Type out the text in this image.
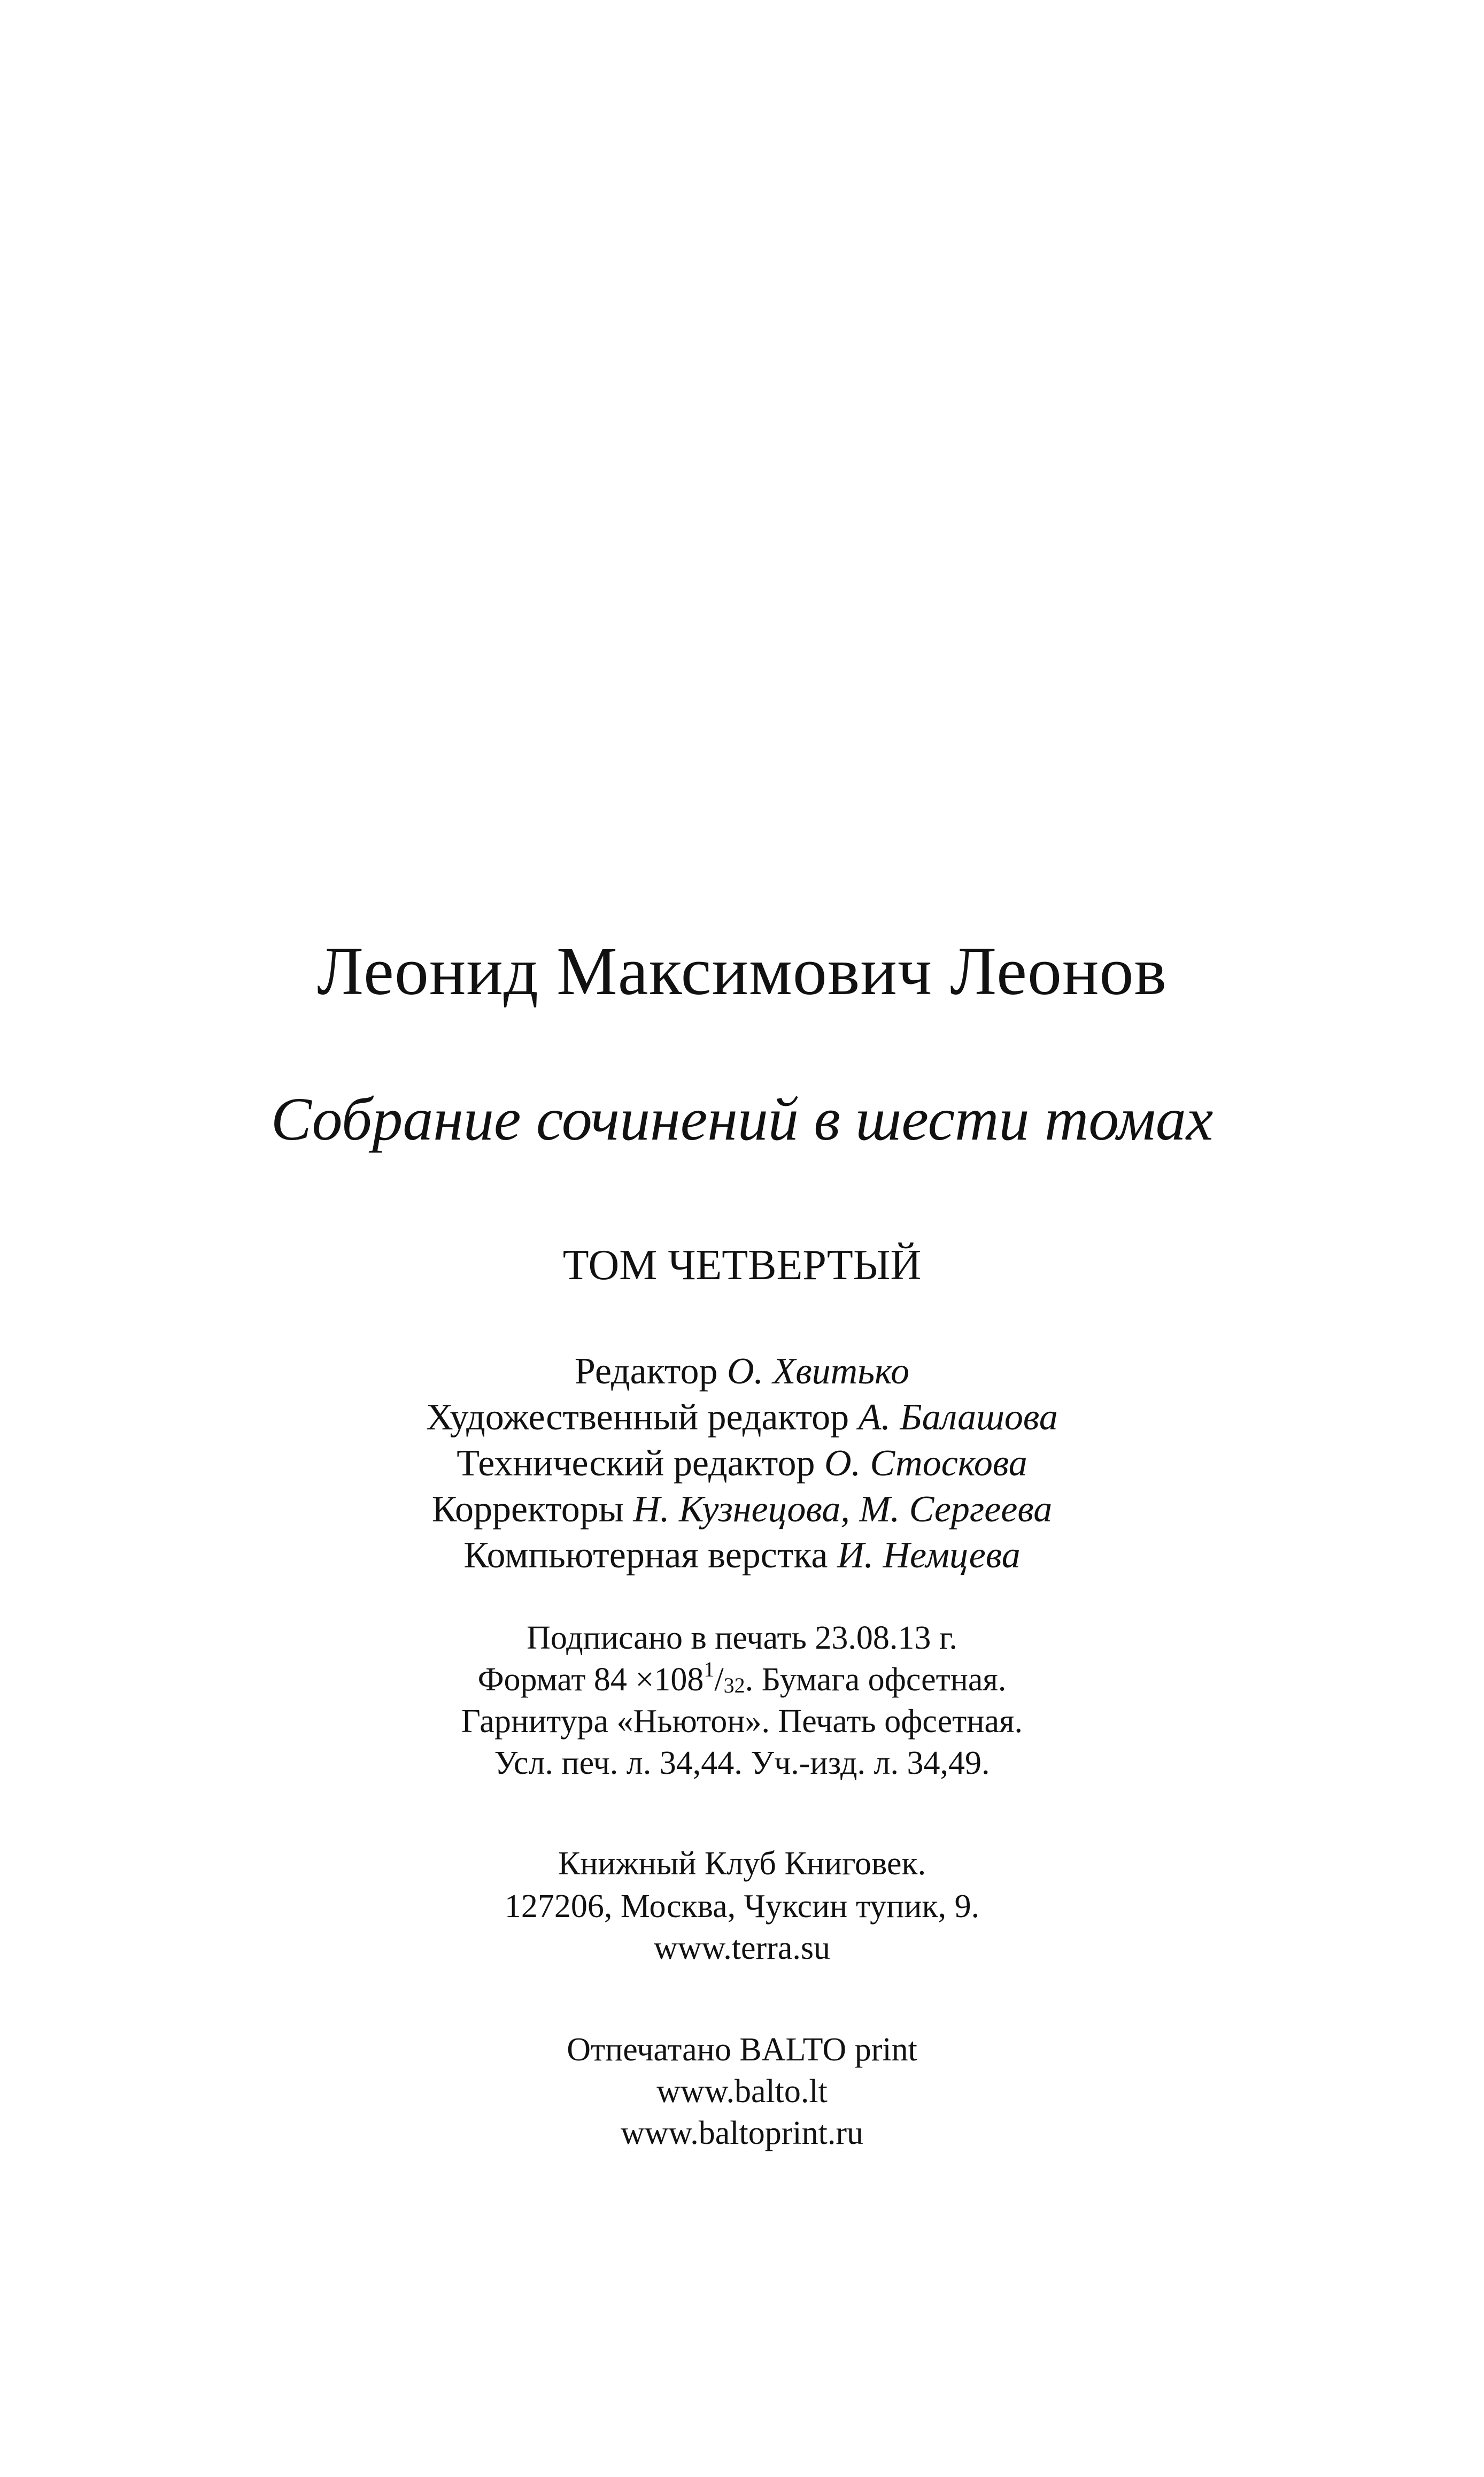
Леонид Максимович Леонов
Собрание сочинений в шести томах
ТОМ ЧЕТВЕРТЫЙ
Редактор О. Хвитько
Художественный редактор А. Балашова
Технический редактор О. Стоскова
Корректоры Н. Кузнецова, М. Сергеева
Компьютерная верстка И. Немцева
Подписано в печать 23.08.13 г.
Формат $84 \times 108^1/_{32}$. Бумага офсетная.
Гарнитура «Ньютон». Печать офсетная.
Усл. печ. л. 34,44. Уч.-изд. л. 34,49.
Книжный Клуб Книговек.
127206, Москва, Чуксин тупик, 9.
www.terra.su
Отпечатано BALTO print
www.balto.lt
www.baltoprint.ru
